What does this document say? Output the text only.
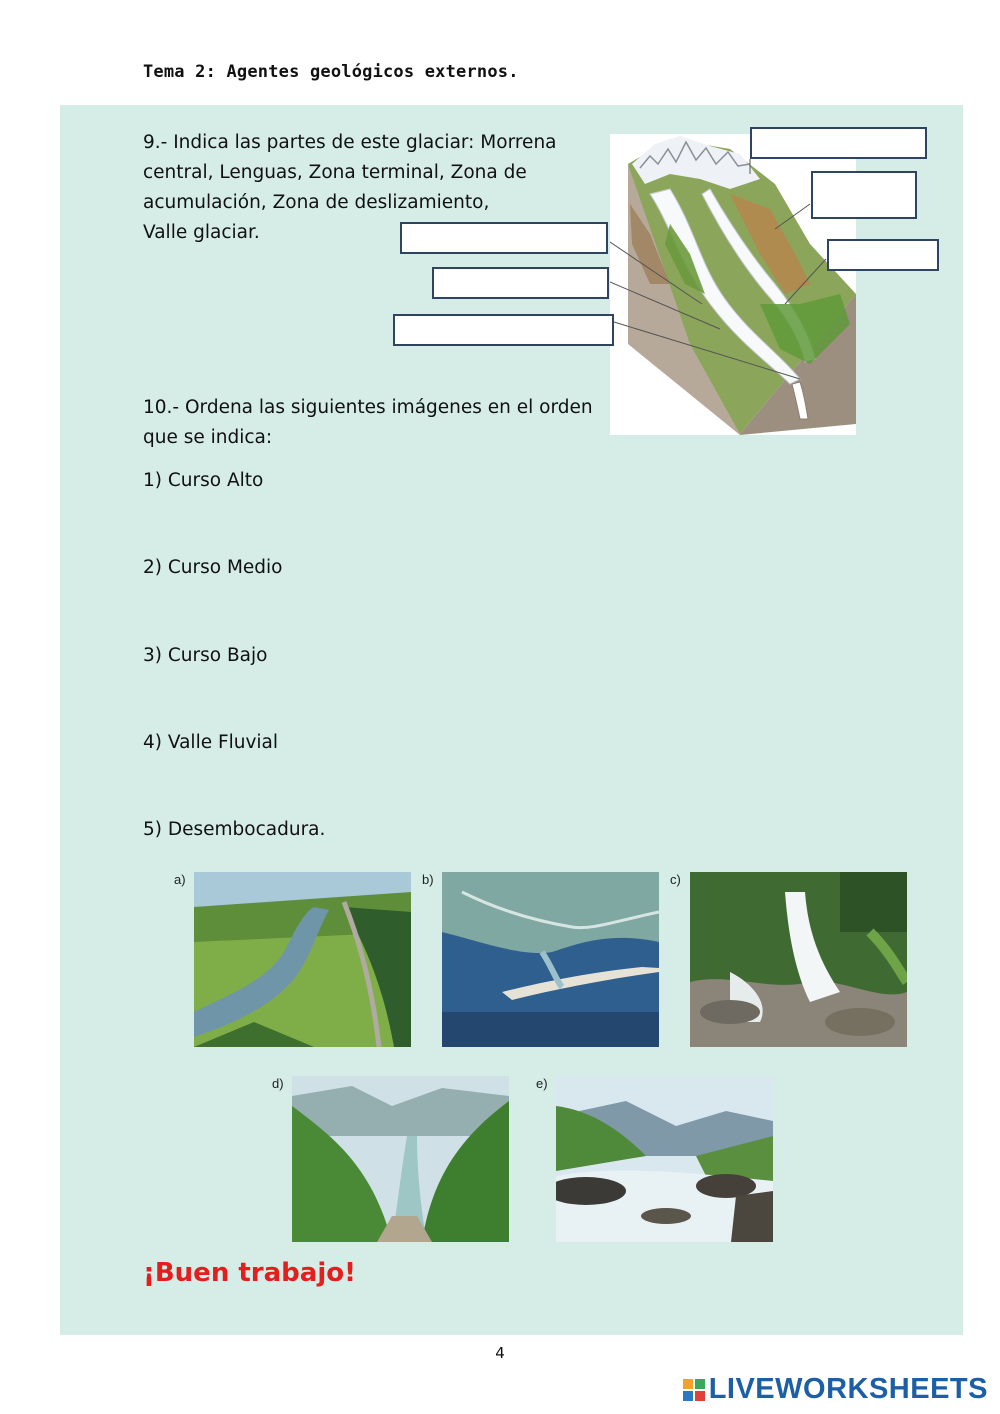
Tema 2: Agentes geológicos externos.
9.- Indica las partes de este glaciar: Morrena
central, Lenguas, Zona terminal, Zona de
acumulación, Zona de deslizamiento,
Valle glaciar.
10.- Ordena las siguientes imágenes en el orden
que se indica:
1) Curso Alto
2) Curso Medio
3) Curso Bajo
4) Valle Fluvial
5) Desembocadura.
a)	b)	c)
d)	e)
¡Buen trabajo!
4
LIVEWORKSHEETS
